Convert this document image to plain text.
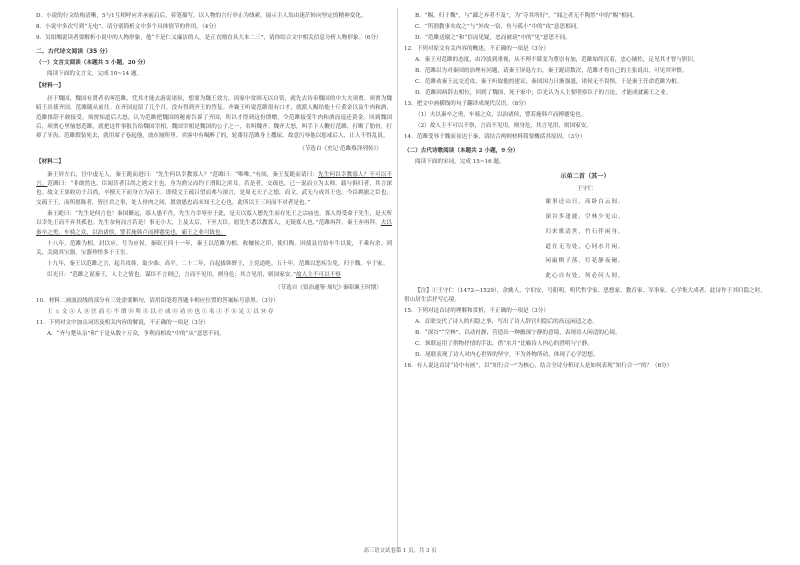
D．小说的行文结构清晰，5与1互相呼应并承前启后，着笔描写，以人物的言行举止为线索，展示主人翁由迷茫转向坚定的精神变化。

8．小说中多次写到“无电”，请分别简析文中多个具体情节的作用。（4分）

9．吴组缃说读者要解析小说中的人物形象，他“不是仁义廉洁的人，是正直刚直具大本二三”，请你结合文中相关信息分析人物形象。（6分）

二、古代诗文阅读（35 分）

（一）文言文阅读（本题共 5 小题，20 分）

阅读下面的文言文，完成 10~14 题。

【材料一】

居于魏国，魏国有贤者名叫范雎，凭其才能去游说诸侯，想要为魏王效力，因家中贫困无以自资，就先去侍奉魏国的中大夫须贾。须贾为魏昭王出使齐国，范雎随从前往。在齐国逗留了几个月，没有得到齐王的答复。齐襄王听说范雎很有口才，就派人赐给他十斤黄金以及牛肉和酒，范雎推辞不敢接受。须贾知道后大怒，认为范雎把魏国的秘密告诉了齐国，所以才得到这份馈赠，令范雎接受牛肉和酒而退还黄金。回到魏国后，须贾心里恼怒范雎，就把这件事报告给魏国宰相。魏国宰相是魏国的公子之一，名叫魏齐。魏齐大怒，叫手下人鞭打范雎，打断了肋骨，打掉了牙齿。范雎假装死去，就用席子卷起他，放在厕所里。宾客中有喝醉了的，轮番往范雎身上撒尿，故意污辱他以惩戒后人，让人不得乱说。

（节选自《史记·范雎蔡泽列传》）

【材料二】

秦王屏左右，宫中虚无人，秦王跪而进曰：“先生何以幸教寡人？”范雎曰：“唯唯。”有间，秦王复跪而请曰：先生何以幸教寡人？不可以不言。范雎曰：“非敢然也。臣闻昔者吕尚之遇文王也，身为渔父而钓于渭阳之滨耳。若是者，交疏也。已一说而立为太师，载与俱归者，其言深也。故文王果收功于吕尚，卒擅天下而身立为帝王。即使文王疏吕望而弗与深言，是周无天子之德，而文、武无与成其王也。今臣羁旅之臣也，交疏于王，而所愿陈者，皆匡君之事，处人骨肉之间，愿效愚忠而未知王之心也。此所以王三问而不对者是也。”

秦王跪曰：“先生是何言也！秦国僻远，寡人愚不肖，先生乃幸辱至于此，是天以寡人慁先生而存先王之宗庙也。寡人得受命于先生，是天所以幸先王而不弃其孤也。先生奈何而言若是！事无小大，上及太后，下至大臣，愿先生悉以教寡人，无疑寡人也。”范雎再拜，秦王亦再拜。夫以秦卒之勇，车骑之众，以治诸侯，譬若施韩卢而搏蹇兔也，霸王之业可致也。

十八年，范雎为相，封以应，号为应侯。秦昭王四十一年，秦王以范雎为相，收穰侯之印，使归陶。因使县官给车牛以徙，千乘有余。到关，关阅其宝器，宝器珍怪多于王室。

十九年，秦王以范雎之言，起兵攻韩，取少曲、高平。二十二年，白起拔韩野王，上党道绝。五十年，范雎以恶疾告免，归于魏，卒于家。

臣光曰：“范雎之说秦王，人主之情也。谋臣不言则已，言而不见用，则身危；其言见用，则国家安。”故人主不可以不察

（节选自《资治通鉴·周纪》·秦昭襄王时期）

10．材料二画波浪线的部分有三处需要断句，请用铅笔将答题卡相应位置的答案标号涂黑。（3分）

王 ㄆ 文 Ⓐ 人 Ⓑ 匡 而 Ⓒ 不 谓 Ⓓ 所 Ⓔ 以 Ⓕ 成 Ⓖ 功 Ⓗ 也 Ⓘ 名 Ⓙ 不 Ⓚ 足 Ⓛ 以 Ⓜ 存

11．下列对文中加点词语及相关内容的解说，不正确的一项是（3分）

A．“齐与楚从亲”和“于是从数十万众，争利而相攻”中的“从”意思不同。

B．“赐，归于魏”，与“鄙之弃者不及”，为“夺其所好”，“闻之者无不陶然”中的“赐”相同。

C．“所谓教事夹攻之”与“外攻一宿，鱼与孤小”中的“攻”意思相同。

D．“范雎送谢之”和“信而见疑，忠而被谤”中的“见”意思不同。

12．下列对原文有关内容的概述，不正确的一项是（3分）

A．秦王对范雎的态度，由冷淡到重视，从不理不睬变为尊崇有加，范雎始终沉着，忠心辅佐，足见其才智与胆识。

B．范雎以为对秦国的治理有问题，请秦王屏退左右，秦王跪请数次，范雎才将自己的主张说出，可见其审慎。

C．范雎劝秦王远交近攻，秦王听取他的建议，秦国国力日渐强盛，诸侯无不畏惧，于是秦王任命范雎为相。

D．范雎因病辞去相位，回到了魏国，死于家中；臣光认为人主要明察臣子的言论，才能成就霸王之业。

13．把文中画横线的句子翻译成现代汉语。（8分）

（1）夫以秦卒之勇，车骑之众，以治诸侯，譬若施韩卢而搏蹇兔也。

（2）故人主不可以不察，言而不见用，则身危，其言见用，则国家安。

14．范雎受辱于魏而显达于秦，请结合两则材料简要概括其原因。（3分）

（二）古代诗歌阅读（本题共 2 小题，9 分）

阅读下面的宋词，完成 15~16 题。

示弟二首（其一）

王守仁

谢事还山日，高卧白云间。

深谷多逢鹿，空林少见山。

归来歌清世，竹石伴闲身。

道在无为处，心同水月闲。

闲敲棋子落，灯花静夜阑。

此心自有处，何必问人间。

【注】①王守仁（1472—1529），余姚人，字伯安，号阳明。明代哲学家、思想家、教育家、军事家，心学集大成者。此诗作于其归隐之时，借山居生活抒写心境。

15．下列对这首诗的理解和赏析，不正确的一项是（3分）

A．首联交代了诗人的归隐之事，写出了诗人辞官归隐后的高远闲适之态。

B．“深谷”“空林”，以动衬静，营造出一种幽深宁静的意境，表现诗人闲适的心境。

C．颈联运用了借物抒情的手法，借“水月”比喻诗人内心的澄明与宁静。

D．尾联表现了诗人对内心世界的坚守，不为外物所动，体现了心学思想。

16．有人说这首诗“诗中有画”，以“知行合一”为核心，结合全诗分析诗人是如何表现“知行合一”的？（6分）

高三语文试卷第 1 页，共 3 页
